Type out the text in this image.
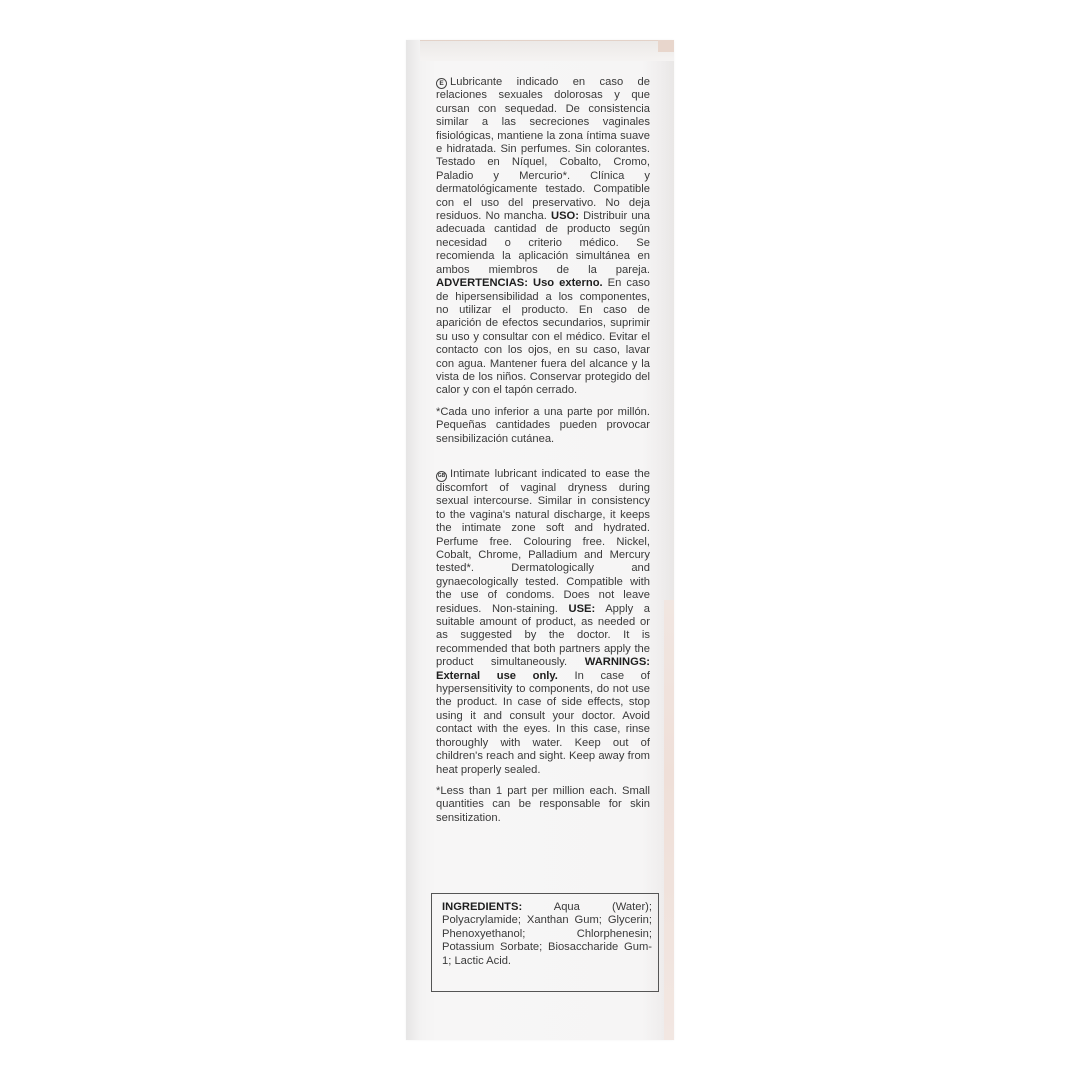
E Lubricante indicado en caso de relaciones sexuales dolorosas y que cursan con sequedad. De consistencia similar a las secreciones vaginales fisiológicas, mantiene la zona íntima suave e hidratada. Sin perfumes. Sin colorantes. Testado en Níquel, Cobalto, Cromo, Paladio y Mercurio*. Clínica y dermatológicamente testado. Compatible con el uso del preservativo. No deja residuos. No mancha. USO: Distribuir una adecuada cantidad de producto según necesidad o criterio médico. Se recomienda la aplicación simultánea en ambos miembros de la pareja. ADVERTENCIAS: Uso externo. En caso de hipersensibilidad a los componentes, no utilizar el producto. En caso de aparición de efectos secundarios, suprimir su uso y consultar con el médico. Evitar el contacto con los ojos, en su caso, lavar con agua. Mantener fuera del alcance y la vista de los niños. Conservar protegido del calor y con el tapón cerrado.

*Cada uno inferior a una parte por millón. Pequeñas cantidades pueden provocar sensibilización cutánea.

GB Intimate lubricant indicated to ease the discomfort of vaginal dryness during sexual intercourse. Similar in consistency to the vagina's natural discharge, it keeps the intimate zone soft and hydrated. Perfume free. Colouring free. Nickel, Cobalt, Chrome, Palladium and Mercury tested*. Dermatologically and gynaecologically tested. Compatible with the use of condoms. Does not leave residues. Non-staining. USE: Apply a suitable amount of product, as needed or as suggested by the doctor. It is recommended that both partners apply the product simultaneously. WARNINGS: External use only. In case of hypersensitivity to components, do not use the product. In case of side effects, stop using it and consult your doctor. Avoid contact with the eyes. In this case, rinse thoroughly with water. Keep out of children's reach and sight. Keep away from heat properly sealed.

*Less than 1 part per million each. Small quantities can be responsable for skin sensitization.

INGREDIENTS:	Aqua (Water); Polyacrylamide; Xanthan Gum; Glycerin; Phenoxyethanol; Chlorphenesin; Potassium Sorbate; Biosaccharide Gum-1; Lactic Acid.
